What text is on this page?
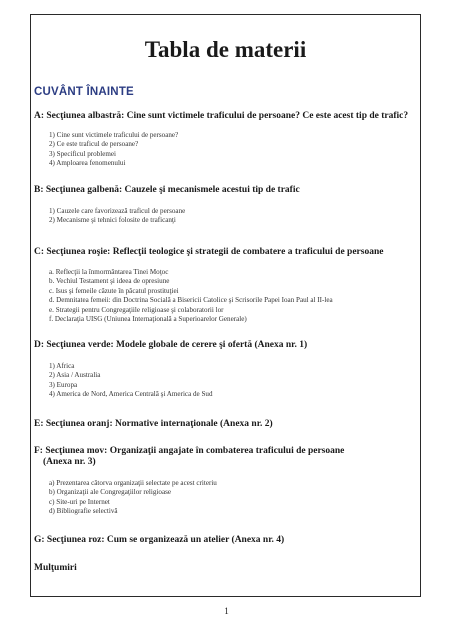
Tabla de materii

CUVÂNT ÎNAINTE

A: Secţiunea albastră: Cine sunt victimele traficului de persoane? Ce este acest tip de trafic?

1) Cine sunt victimele traficului de persoane?
2) Ce este traficul de persoane?
3) Specificul problemei
4) Amploarea fenomenului

B: Secţiunea galbenă: Cauzele şi mecanismele acestui tip de trafic

1) Cauzele care favorizează traficul de persoane
2) Mecanisme şi tehnici folosite de traficanţi

C: Secţiunea roşie: Reflecţii teologice şi strategii de combatere a traficului de persoane

a. Reflecţii la înmormântarea Tinei Moţoc
b. Vechiul Testament şi ideea de opresiune
c. Isus şi femeile căzute în păcatul prostituţiei
d. Demnitatea femeii: din Doctrina Socială a Bisericii Catolice şi Scrisorile Papei Ioan Paul al II-lea
e. Strategii pentru Congregaţiile religioase şi colaboratorii lor
f. Declaraţia UISG (Uniunea Internaţională a Superioarelor Generale)

D: Secţiunea verde: Modele globale de cerere şi ofertă (Anexa nr. 1)

1) Africa
2) Asia / Australia
3) Europa
4) America de Nord, America Centrală şi America de Sud

E: Secţiunea oranj: Normative internaţionale (Anexa nr. 2)

F: Secţiunea mov: Organizaţii angajate în combaterea traficului de persoane
(Anexa nr. 3)

a) Prezentarea câtorva organizaţii selectate pe acest criteriu
b) Organizaţii ale Congregaţiilor religioase
c) Site-uri pe Internet
d) Bibliografie selectivă

G: Secţiunea roz: Cum se organizează un atelier (Anexa nr. 4)

Mulţumiri

1
